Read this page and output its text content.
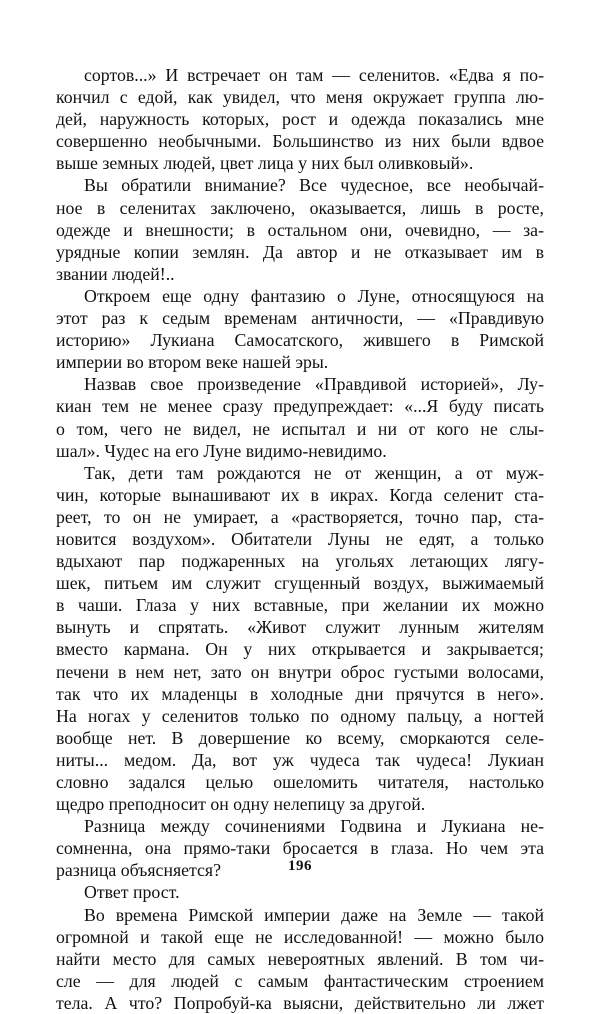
сортов...» И встречает он там — селенитов. «Едва я по-
кончил с едой, как увидел, что меня окружает группа лю-
дей, наружность которых, рост и одежда показались мне
совершенно необычными. Большинство из них были вдвое
выше земных людей, цвет лица у них был оливковый».
Вы обратили внимание? Все чудесное, все необычай-
ное в селенитах заключено, оказывается, лишь в росте,
одежде и внешности; в остальном они, очевидно, — за-
урядные копии землян. Да автор и не отказывает им в
звании людей!..
Откроем еще одну фантазию о Луне, относящуюся на
этот раз к седым временам античности, — «Правдивую
историю» Лукиана Самосатского, жившего в Римской
империи во втором веке нашей эры.
Назвав свое произведение «Правдивой историей», Лу-
киан тем не менее сразу предупреждает: «...Я буду писать
о том, чего не видел, не испытал и ни от кого не слы-
шал». Чудес на его Луне видимо-невидимо.
Так, дети там рождаются не от женщин, а от муж-
чин, которые вынашивают их в икрах. Когда селенит ста-
реет, то он не умирает, а «растворяется, точно пар, ста-
новится воздухом». Обитатели Луны не едят, а только
вдыхают пар поджаренных на угольях летающих лягу-
шек, питьем им служит сгущенный воздух, выжимаемый
в чаши. Глаза у них вставные, при желании их можно
вынуть и спрятать. «Живот служит лунным жителям
вместо кармана. Он у них открывается и закрывается;
печени в нем нет, зато он внутри оброс густыми волосами,
так что их младенцы в холодные дни прячутся в него».
На ногах у селенитов только по одному пальцу, а ногтей
вообще нет. В довершение ко всему, сморкаются селе-
ниты... медом. Да, вот уж чудеса так чудеса! Лукиан
словно задался целью ошеломить читателя, настолько
щедро преподносит он одну нелепицу за другой.
Разница между сочинениями Годвина и Лукиана не-
сомненна, она прямо-таки бросается в глаза. Но чем эта
разница объясняется?
Ответ прост.
Во времена Римской империи даже на Земле — такой
огромной и такой еще не исследованной! — можно было
найти место для самых невероятных явлений. В том чи-
сле — для людей с самым фантастическим строением
тела. А что? Попробуй-ка выясни, действительно ли лжет
196
